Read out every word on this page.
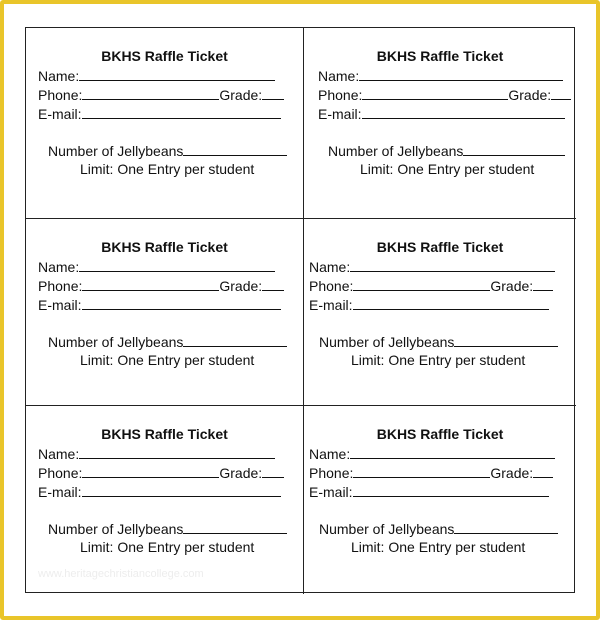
BKHS Raffle Ticket
Name:
Phone:	Grade:
E-mail:
Number of Jellybeans
Limit: One Entry per student
BKHS Raffle Ticket
Name:
Phone:	Grade:
E-mail:
Number of Jellybeans
Limit: One Entry per student
BKHS Raffle Ticket
Name:
Phone:	Grade:
E-mail:
Number of Jellybeans
Limit: One Entry per student
BKHS Raffle Ticket
Name:
Phone:	Grade:
E-mail:
Number of Jellybeans
Limit: One Entry per student
BKHS Raffle Ticket
Name:
Phone:	Grade:
E-mail:
Number of Jellybeans
Limit: One Entry per student
BKHS Raffle Ticket
Name:
Phone:	Grade:
E-mail:
Number of Jellybeans
Limit: One Entry per student
www.heritagechristiancollege.com
